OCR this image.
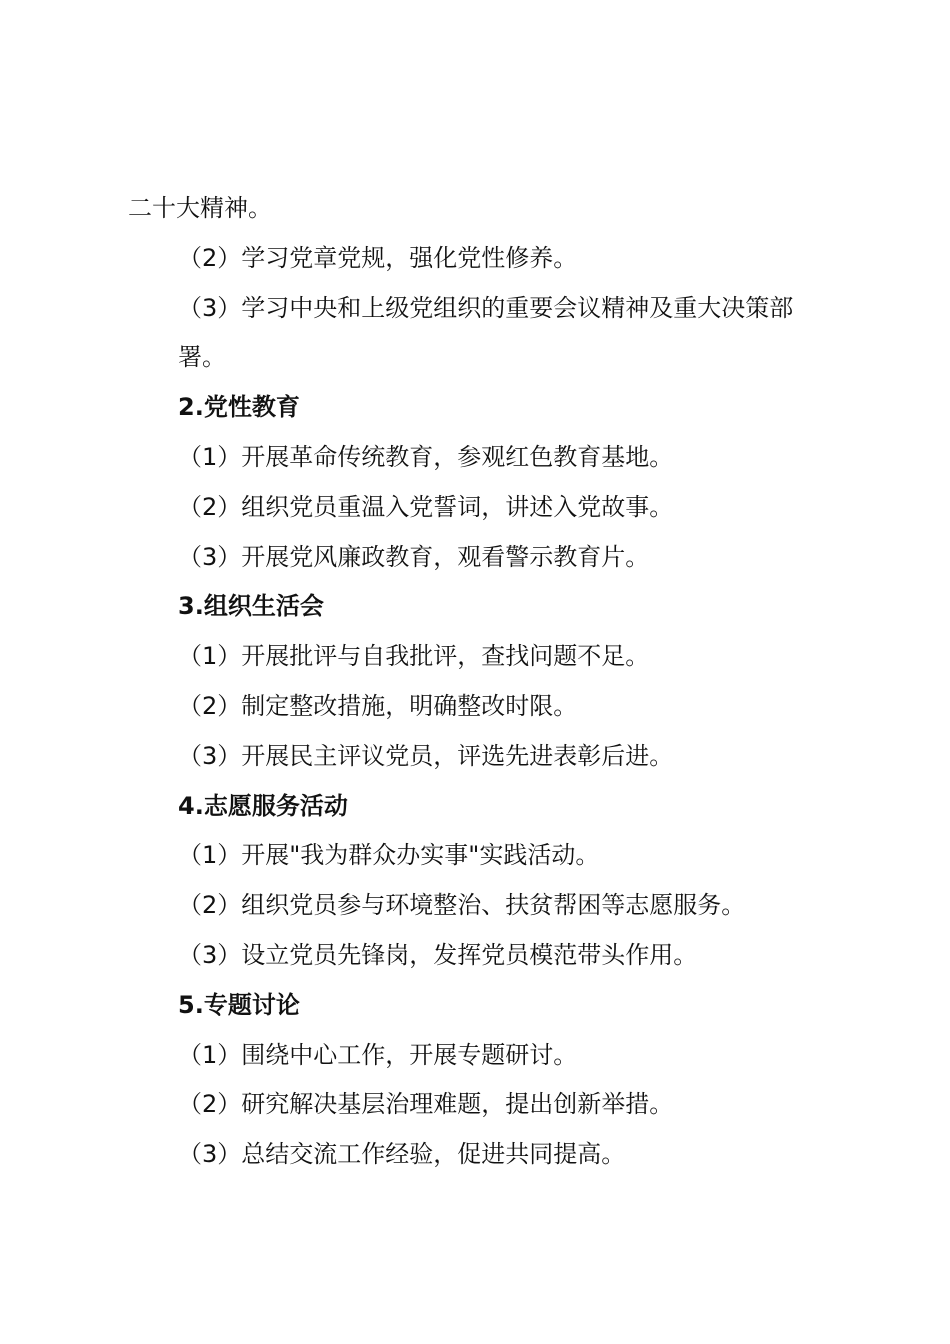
二十大精神。
（2）学习党章党规，强化党性修养。
（3）学习中央和上级党组织的重要会议精神及重大决策部署。
2.党性教育
（1）开展革命传统教育，参观红色教育基地。
（2）组织党员重温入党誓词，讲述入党故事。
（3）开展党风廉政教育，观看警示教育片。
3.组织生活会
（1）开展批评与自我批评，查找问题不足。
（2）制定整改措施，明确整改时限。
（3）开展民主评议党员，评选先进表彰后进。
4.志愿服务活动
（1）开展"我为群众办实事"实践活动。
（2）组织党员参与环境整治、扶贫帮困等志愿服务。
（3）设立党员先锋岗，发挥党员模范带头作用。
5.专题讨论
（1）围绕中心工作，开展专题研讨。
（2）研究解决基层治理难题，提出创新举措。
（3）总结交流工作经验，促进共同提高。
